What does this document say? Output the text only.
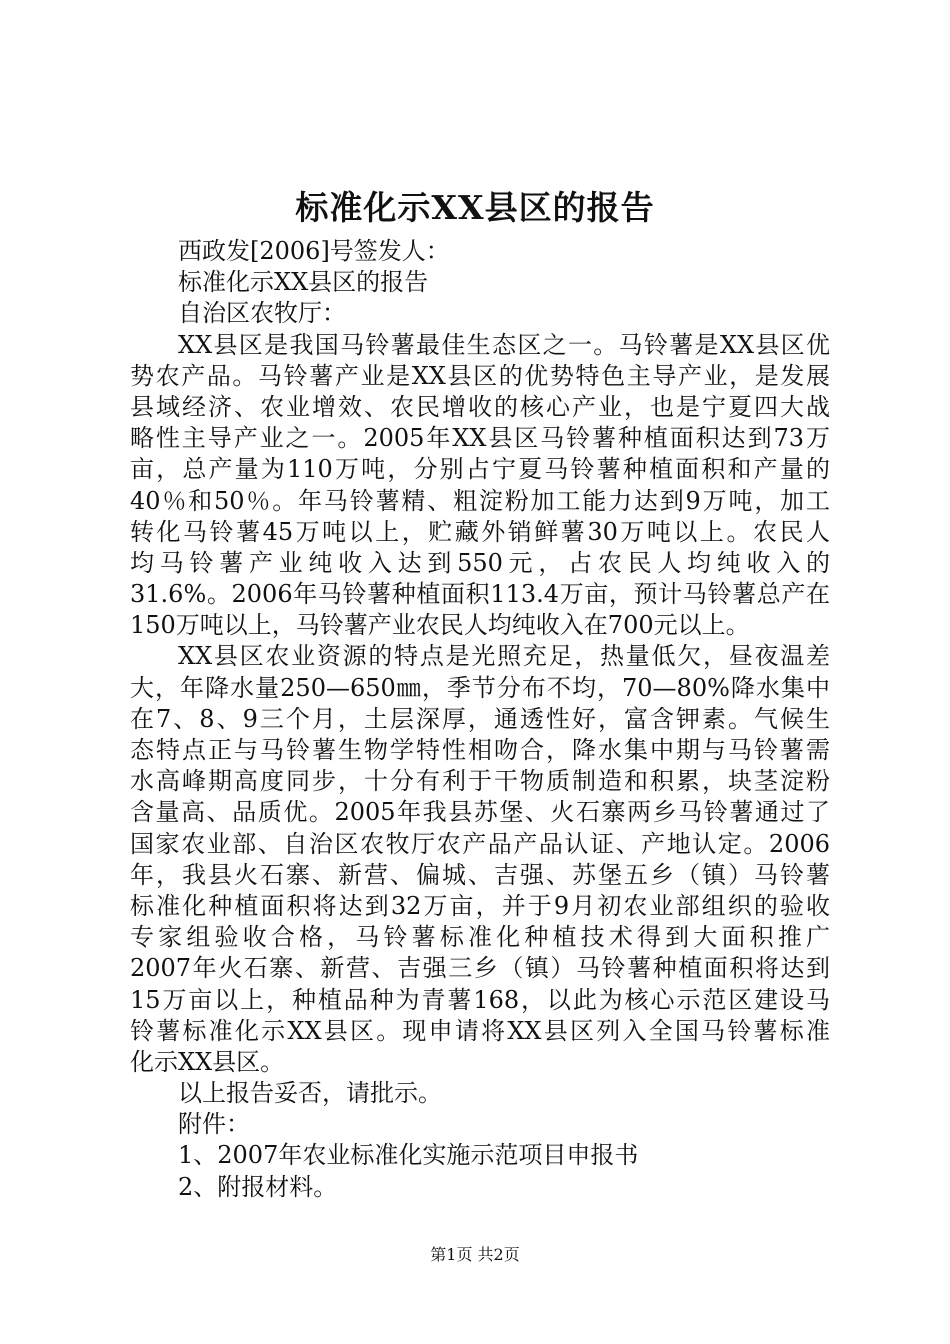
标准化示XX县区的报告
西政发[2006]号签发人：
标准化示XX县区的报告
自治区农牧厅：
XX县区是我国马铃薯最佳生态区之一。马铃薯是XX县区优
势农产品。马铃薯产业是XX县区的优势特色主导产业，是发展
县域经济、农业增效、农民增收的核心产业，也是宁夏四大战
略性主导产业之一。2005年XX县区马铃薯种植面积达到73万
亩，总产量为110万吨，分别占宁夏马铃薯种植面积和产量的
40％和50％。年马铃薯精、粗淀粉加工能力达到9万吨，加工
转化马铃薯45万吨以上，贮藏外销鲜薯30万吨以上。农民人
均马铃薯产业纯收入达到550元，占农民人均纯收入的
31.6%。2006年马铃薯种植面积113.4万亩，预计马铃薯总产在
150万吨以上，马铃薯产业农民人均纯收入在700元以上。
XX县区农业资源的特点是光照充足，热量低欠，昼夜温差
大，年降水量250—650㎜，季节分布不均，70—80%降水集中
在7、8、9三个月，土层深厚，通透性好，富含钾素。气候生
态特点正与马铃薯生物学特性相吻合，降水集中期与马铃薯需
水高峰期高度同步，十分有利于干物质制造和积累，块茎淀粉
含量高、品质优。2005年我县苏堡、火石寨两乡马铃薯通过了
国家农业部、自治区农牧厅农产品产品认证、产地认定。2006
年，我县火石寨、新营、偏城、吉强、苏堡五乡（镇）马铃薯
标准化种植面积将达到32万亩，并于9月初农业部组织的验收
专家组验收合格，马铃薯标准化种植技术得到大面积推广
2007年火石寨、新营、吉强三乡（镇）马铃薯种植面积将达到
15万亩以上，种植品种为青薯168，以此为核心示范区建设马
铃薯标准化示XX县区。现申请将XX县区列入全国马铃薯标准
化示XX县区。
以上报告妥否，请批示。
附件：
1、2007年农业标准化实施示范项目申报书
2、附报材料。
第1页 共2页
